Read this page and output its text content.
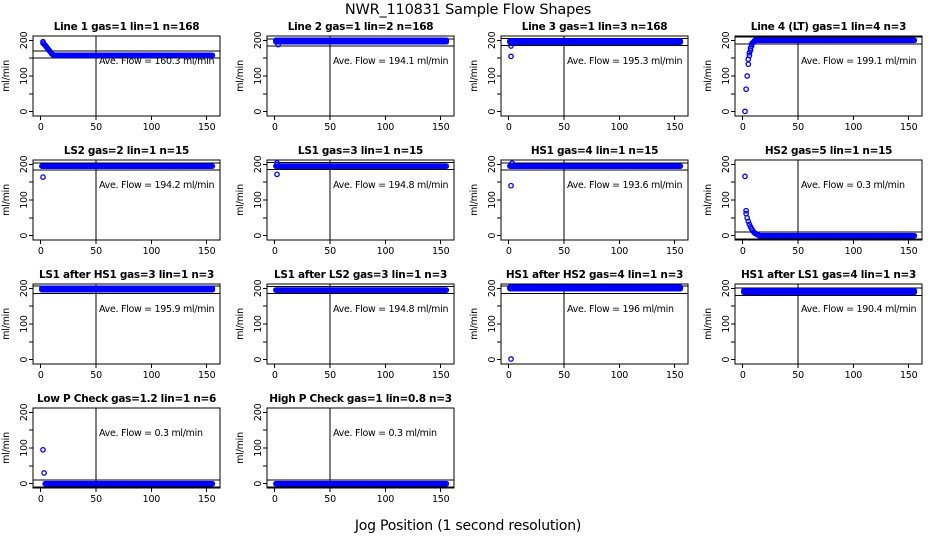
NWR_110831 Sample Flow Shapes
Line 1 gas=1 lin=1 n=168
0
100
200
ml/min
0	50	100	150
Ave. Flow = 160.3 ml/min
Line 2 gas=1 lin=2 n=168
0
100
200
ml/min
0	50	100	150
Ave. Flow = 194.1 ml/min
Line 3 gas=1 lin=3 n=168
0
100
200
ml/min
0	50	100	150
Ave. Flow = 195.3 ml/min
Line 4 (LT) gas=1 lin=4 n=3
0
100
200
ml/min
0	50	100	150
Ave. Flow = 199.1 ml/min
LS2 gas=2 lin=1 n=15
0
100
200
ml/min
0	50	100	150
Ave. Flow = 194.2 ml/min
LS1 gas=3 lin=1 n=15
0
100
200
ml/min
0	50	100	150
Ave. Flow = 194.8 ml/min
HS1 gas=4 lin=1 n=15
0
100
200
ml/min
0	50	100	150
Ave. Flow = 193.6 ml/min
HS2 gas=5 lin=1 n=15
0
100
200
ml/min
0	50	100	150
Ave. Flow = 0.3 ml/min
LS1 after HS1 gas=3 lin=1 n=3
0
100
200
ml/min
0	50	100	150
Ave. Flow = 195.9 ml/min
LS1 after LS2 gas=3 lin=1 n=3
0
100
200
ml/min
0	50	100	150
Ave. Flow = 194.8 ml/min
HS1 after HS2 gas=4 lin=1 n=3
0
100
200
ml/min
0	50	100	150
Ave. Flow = 196 ml/min
HS1 after LS1 gas=4 lin=1 n=3
0
100
200
ml/min
0	50	100	150
Ave. Flow = 190.4 ml/min
Low P Check gas=1.2 lin=1 n=6
0
100
200
ml/min
0	50	100	150
Ave. Flow = 0.3 ml/min
High P Check gas=1 lin=0.8 n=3
0
100
200
ml/min
0	50	100	150
Ave. Flow = 0.3 ml/min
Jog Position (1 second resolution)
